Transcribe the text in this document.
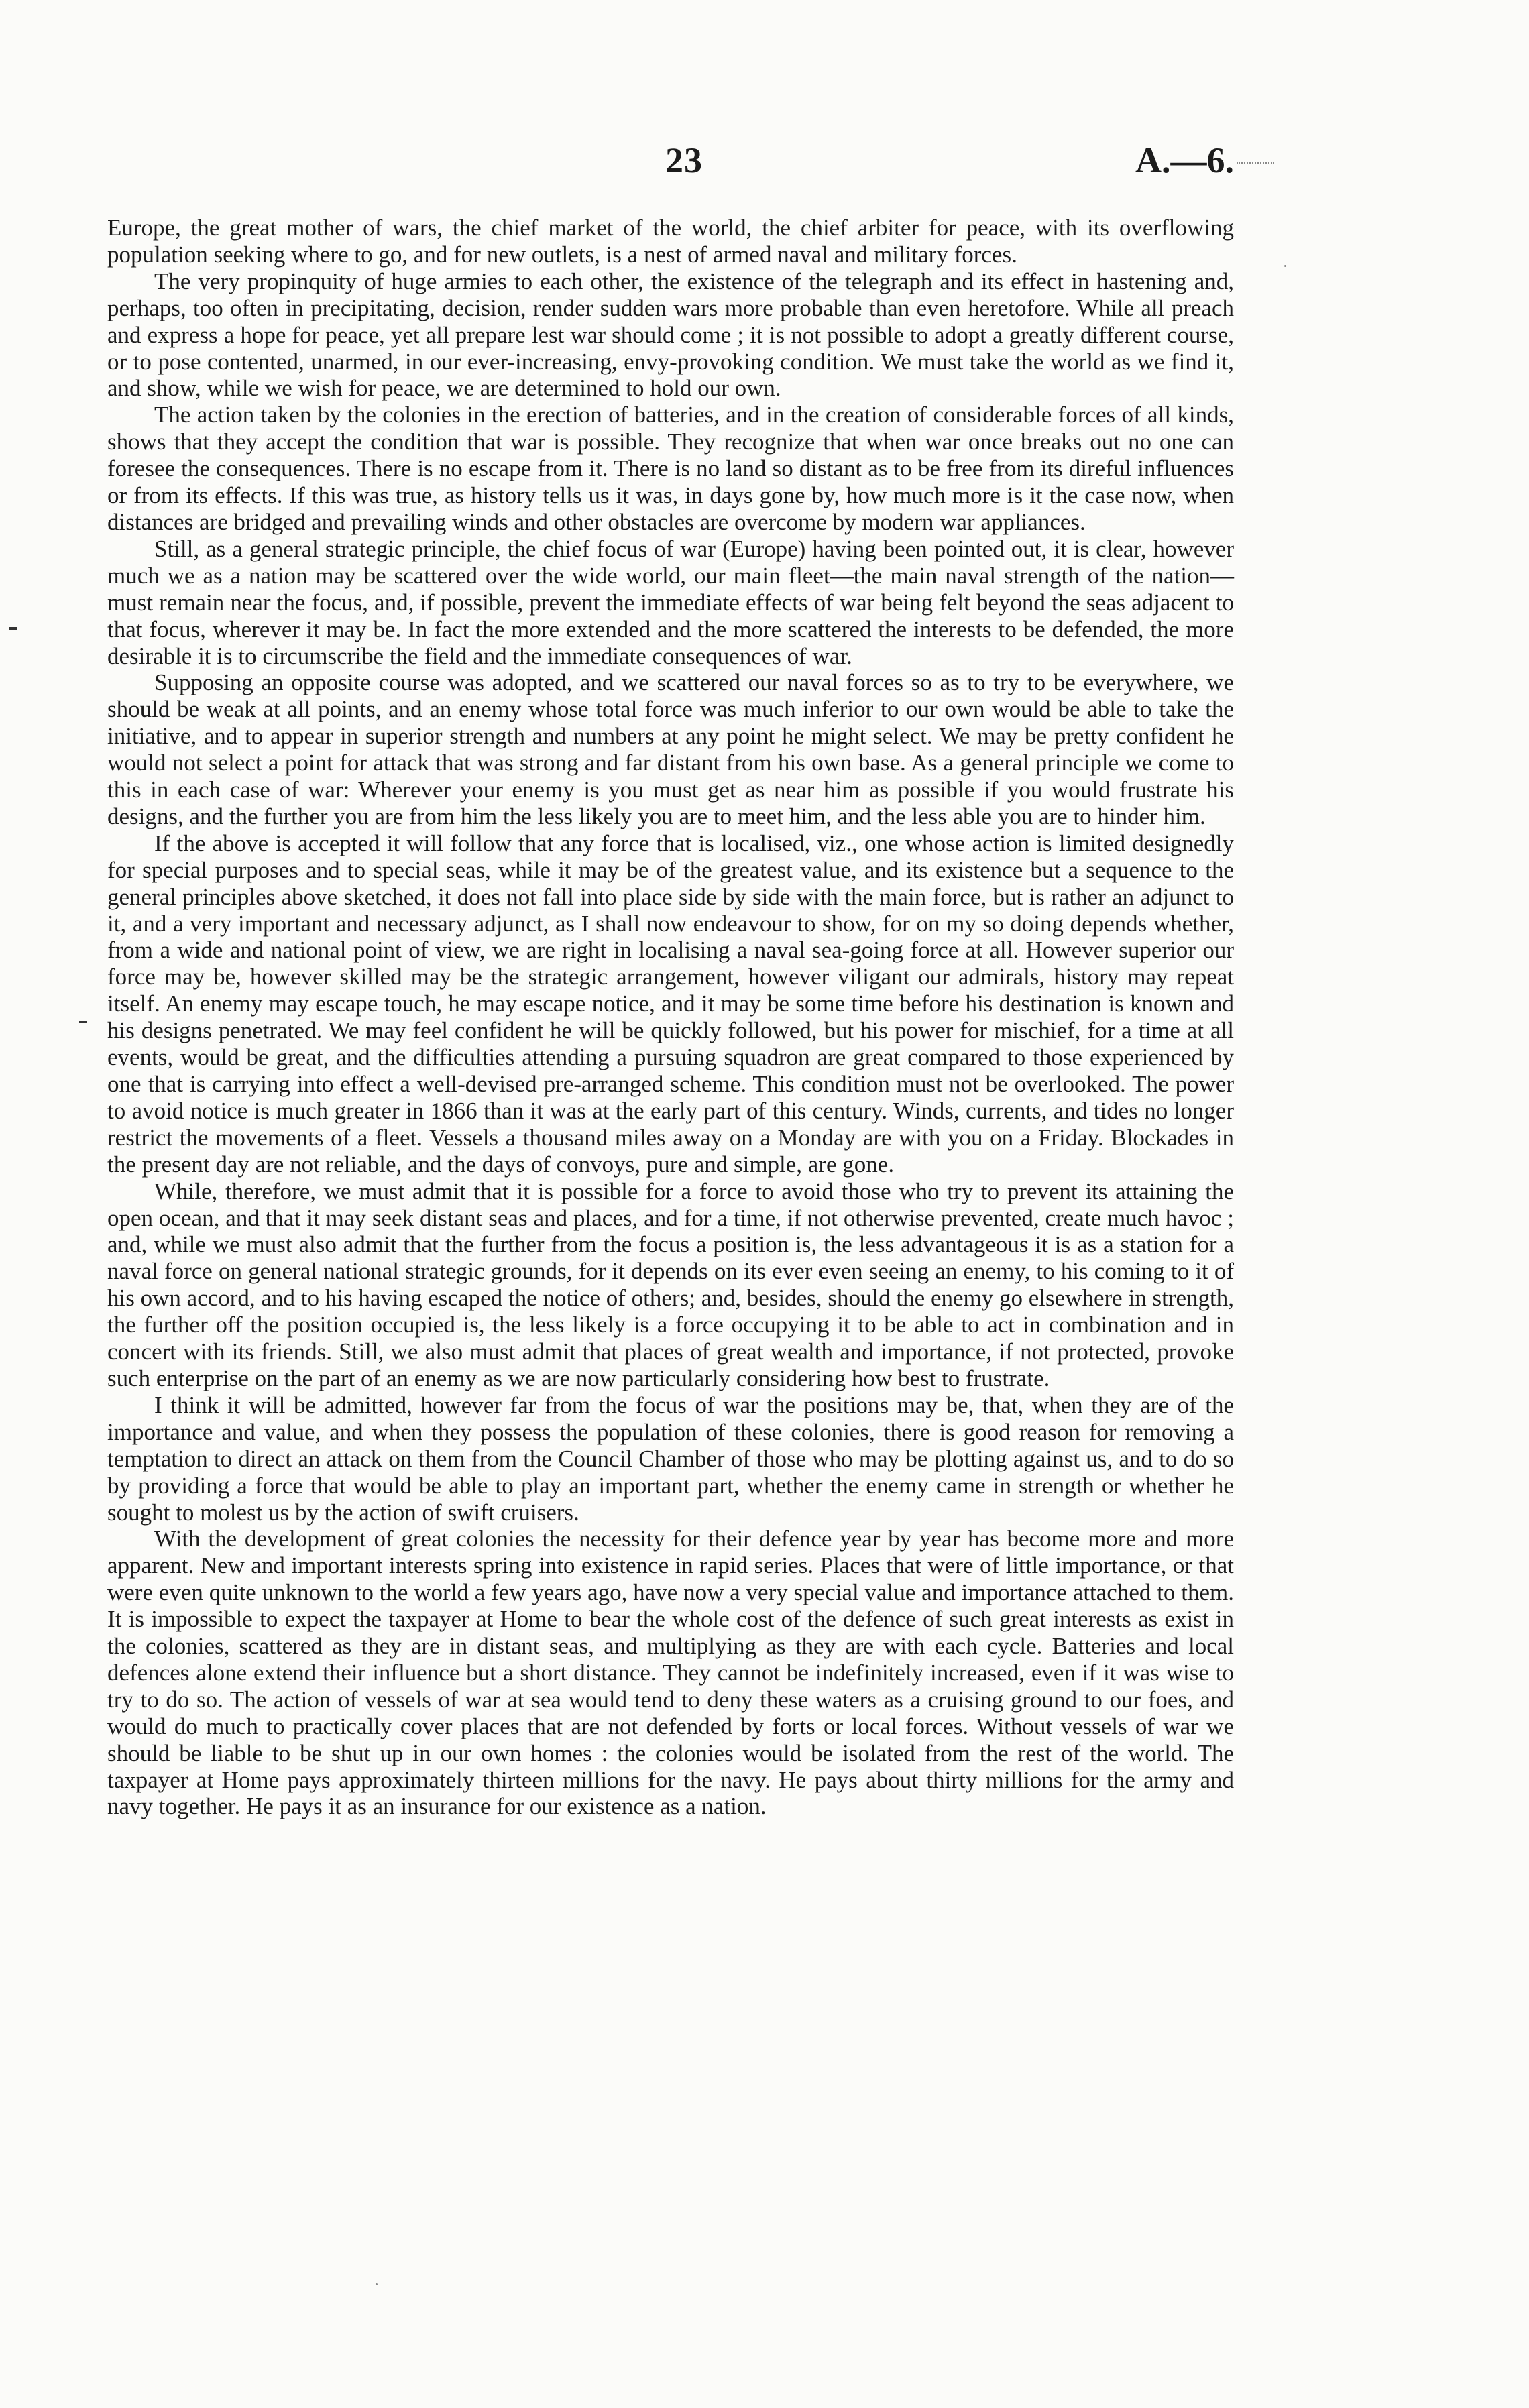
23	A.—6.

Europe, the great mother of wars, the chief market of the world, the chief arbiter for peace, with its overflowing population seeking where to go, and for new outlets, is a nest of armed naval and military forces.

The very propinquity of huge armies to each other, the existence of the telegraph and its effect in hastening and, perhaps, too often in precipitating, decision, render sudden wars more probable than even heretofore. While all preach and express a hope for peace, yet all prepare lest war should come ; it is not possible to adopt a greatly different course, or to pose contented, unarmed, in our ever-increasing, envy-provoking condition. We must take the world as we find it, and show, while we wish for peace, we are determined to hold our own.

The action taken by the colonies in the erection of batteries, and in the creation of considerable forces of all kinds, shows that they accept the condition that war is possible. They recognize that when war once breaks out no one can foresee the consequences. There is no escape from it. There is no land so distant as to be free from its direful influences or from its effects. If this was true, as history tells us it was, in days gone by, how much more is it the case now, when distances are bridged and prevailing winds and other obstacles are overcome by modern war appliances.

Still, as a general strategic principle, the chief focus of war (Europe) having been pointed out, it is clear, however much we as a nation may be scattered over the wide world, our main fleet—the main naval strength of the nation—must remain near the focus, and, if possible, prevent the immediate effects of war being felt beyond the seas adjacent to that focus, wherever it may be. In fact the more extended and the more scattered the interests to be defended, the more desirable it is to circumscribe the field and the immediate consequences of war.

Supposing an opposite course was adopted, and we scattered our naval forces so as to try to be everywhere, we should be weak at all points, and an enemy whose total force was much inferior to our own would be able to take the initiative, and to appear in superior strength and numbers at any point he might select. We may be pretty confident he would not select a point for attack that was strong and far distant from his own base. As a general principle we come to this in each case of war: Wherever your enemy is you must get as near him as possible if you would frustrate his designs, and the further you are from him the less likely you are to meet him, and the less able you are to hinder him.

If the above is accepted it will follow that any force that is localised, viz., one whose action is limited designedly for special purposes and to special seas, while it may be of the greatest value, and its existence but a sequence to the general principles above sketched, it does not fall into place side by side with the main force, but is rather an adjunct to it, and a very important and necessary adjunct, as I shall now endeavour to show, for on my so doing depends whether, from a wide and national point of view, we are right in localising a naval sea-going force at all. However superior our force may be, however skilled may be the strategic arrangement, however viligant our admirals, history may repeat itself. An enemy may escape touch, he may escape notice, and it may be some time before his destination is known and his designs penetrated. We may feel confident he will be quickly followed, but his power for mischief, for a time at all events, would be great, and the difficulties attending a pursuing squadron are great compared to those experienced by one that is carrying into effect a well-devised pre-arranged scheme. This condition must not be overlooked. The power to avoid notice is much greater in 1866 than it was at the early part of this century. Winds, currents, and tides no longer restrict the movements of a fleet. Vessels a thousand miles away on a Monday are with you on a Friday. Blockades in the present day are not reliable, and the days of convoys, pure and simple, are gone.

While, therefore, we must admit that it is possible for a force to avoid those who try to prevent its attaining the open ocean, and that it may seek distant seas and places, and for a time, if not otherwise prevented, create much havoc ; and, while we must also admit that the further from the focus a position is, the less advantageous it is as a station for a naval force on general national strategic grounds, for it depends on its ever even seeing an enemy, to his coming to it of his own accord, and to his having escaped the notice of others; and, besides, should the enemy go elsewhere in strength, the further off the position occupied is, the less likely is a force occupying it to be able to act in combination and in concert with its friends. Still, we also must admit that places of great wealth and importance, if not protected, provoke such enterprise on the part of an enemy as we are now particularly considering how best to frustrate.

I think it will be admitted, however far from the focus of war the positions may be, that, when they are of the importance and value, and when they possess the population of these colonies, there is good reason for removing a temptation to direct an attack on them from the Council Chamber of those who may be plotting against us, and to do so by providing a force that would be able to play an important part, whether the enemy came in strength or whether he sought to molest us by the action of swift cruisers.

With the development of great colonies the necessity for their defence year by year has become more and more apparent. New and important interests spring into existence in rapid series. Places that were of little importance, or that were even quite unknown to the world a few years ago, have now a very special value and importance attached to them. It is impossible to expect the taxpayer at Home to bear the whole cost of the defence of such great interests as exist in the colonies, scattered as they are in distant seas, and multiplying as they are with each cycle. Batteries and local defences alone extend their influence but a short distance. They cannot be indefinitely increased, even if it was wise to try to do so. The action of vessels of war at sea would tend to deny these waters as a cruising ground to our foes, and would do much to practically cover places that are not defended by forts or local forces. Without vessels of war we should be liable to be shut up in our own homes : the colonies would be isolated from the rest of the world. The taxpayer at Home pays approximately thirteen millions for the navy. He pays about thirty millions for the army and navy together. He pays it as an insurance for our existence as a nation.
